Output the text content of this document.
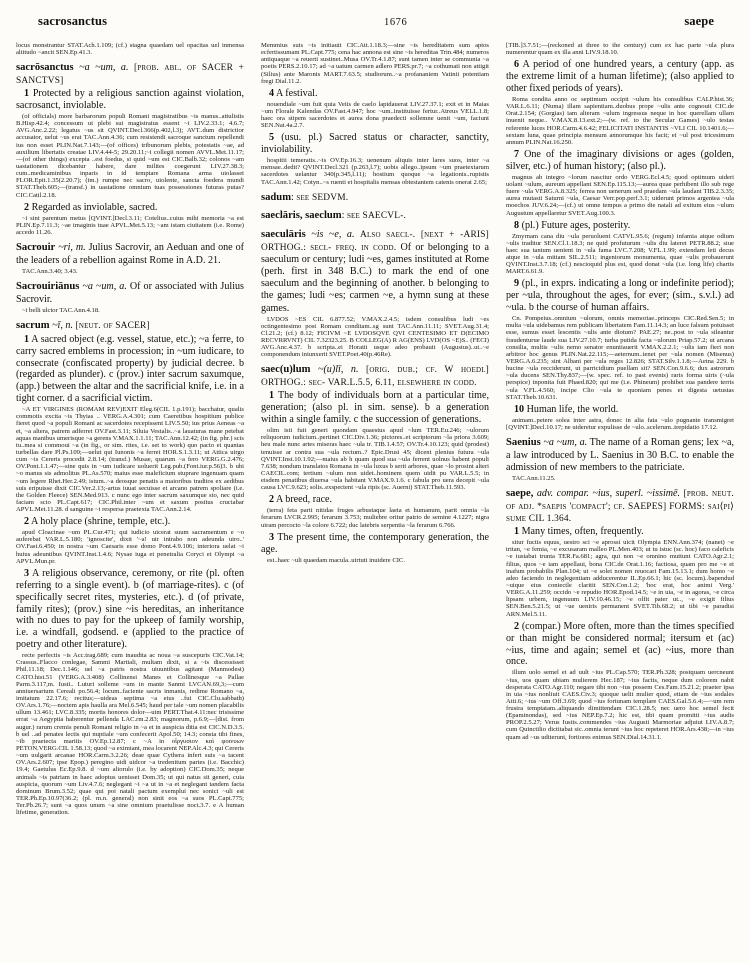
sacrosanctus	1676	saepe

locus monstrantur STAT.Ach.1.109; (cf.) stagna quaedam uel opacitas uel inmensa altitudo ~ancit SEN.Ep.41.3.

sacrōsanctus ~a ~um, a. [prob. abl. of SACER + SANCTVS]

1 Protected by a religious sanction against violation, sacrosanct, inviolable.

(of officials) more barbarorum populi Romani magistratibus ~is manus..attulistis B.Hisp.42.4; concessum ut plebi sui magistratus essent ~i LIV.2.33.1; 4.6.7; AVG.Anc.2.22; legatus ~us sit QVINT.Decl.366(p.402,l.3); AVT..dum districtior accusator, uelut ~us erat TAC.Ann.4.36; cum resistendi sacroque sanctum repellendi ius non esset PLIN.Nat.7.143;—(of offices) tribunorum plebis, potestatis ~ae, ad auxilium libertatis creatae LIV.4.44-5; 29.20.11;~i collegii nomen AVVL.Met.11.17;—(of other things) excepta ..est foedus, si quid ~um est CIC.Balb.32; colonos ~am uastationem dicebantur habere, dare milites coegerunt LIV.27.38.3; cum..medicaminibus inparis in id temptare Romana arma uiolasset FLOR.Epit.1.35(2.20.7); (im.) rumpe nec sacro, uiolente, sancta foedera mundi STAT.Theb.605;—(transf.) in uastatione omnium tuas possessiones futuras putas? CIC.Catil.2.18.

2 Regarded as inviolable, sacred.

~i sint parentum metus [QVINT.]Decl.3.11; Cotelius..cuius mihi memoria ~a est PLIN.Ep.7.11.3; ~ae imaginis tuae APVL.Met.5.13; ~am istam ciuitatem (i.e. Rome) accedo 11.26.

Sacrouir ~ri, m. Julius Sacrovir, an Aeduan and one of the leaders of a rebellion against Rome in A.D. 21.

TAC.Ann.3.40; 3.43.

Sacrouiriānus ~a ~um, a. Of or associated with Julius Sacrovir.

~i belli ulctor TAC.Ann.4.18.

sacrum ~ī, n. [neut. of SACER]

1 A sacred object (e.g. vessel, statue, etc.); ~a ferre, to carry sacred emblems in procession; in ~um iudicare, to consecrate (confiscated property) by judicial decree. b (regarded as plunder). c (prov.) inter sacrum saxumque, (app.) between the altar and the sacrificial knife, i.e. in a tight corner. d a sacrificial victim.

~A ET VIRGINES (ROMAM REV)EXIT Eleg.6(CIL 1.p.191); bacchatur, qualis commotis excita ~is Thyias .. VERG.A.4.301; cum Caeretibus hospitium publice fieret quod ~a populi Romani ac sacerdotes recepissent LIV.5.50; ius prius Aeneas ~a et, ~a altera, patrem adferret OV.Fast.3.11; Siluia Vestalis..~a lauaturas mane petebat aquas manibus umerisque ~a gerens V.MAX.1.1.11; TAC.Ann.12.42; (in fig. phr.) scis tu..mea si commoui ~a (in fig., or sim. rites, i.e. set to work) quo pacto et quantas turbellas dare Pl.Ps.109;—uelut qui Iunonis ~a ferret HOR.S.1.3.11; ut Attica uirgo cum ~is Cereris procedit 2.8.14; (transf.) Musae, quarum ~a fero VERG.G.2.476; OV.Pont.1.1.47;—sine quis in ~um iudicare uoluerit Leg.pub.(Font.iur.p.56)3. b ubi ~o manus sis admolitus PL.As.570; maius esse maleficium stuprare ingenuam quam ~um legere Rhet.Her.2.49; istum..~a deosque penatis a maioribus traditos ex aedibus suis eripuisse dixit CIC.Ver.2.13;-artus iuuat secuisse et arcano patrem spoliare (i.e. the Golden Fleece) SEN.Med.913. c nunc ego inter sacrum saxumque sto, nec quid faciam scio PL.Capt.617; CIC.Phil.inter ~um et saxum positus cruciabar APVL.Met.11.28. d sanguine ~i respersa praetexta TAC.Ann.2.14.

2 A holy place (shrine, temple, etc.).

apud Cloacinae ~um PL.Cur.471; qui iudicio uicerat suum sacramentum e ~o auferebat VAR.L.5.180; 'ignoscite', dixit '~a! uir intrabo non adeunda uiro..' OV.Fast.6.450; in nostra ~um Caesaris esse domo Pont.4.9.106; interiora uelat ~i huius adeuntibus QVINT.Inst.1.4.6; Nysae iuga et penetralia Coryci et Olympi ~a APVL.Mun.pr.

3 A religious observance, ceremony, or rite (pl. often referring to a single event). b (of marriage-rites). c (of specifically secret rites, mysteries, etc.). d (of private, family rites); (prov.) sine ~is hereditas, an inheritance with no dues to pay for the upkeep of family worship, i.e. a windfall, godsend. e (applied to the practice of poetry and other literature).

recte perfectis ~is Acc.trag.689; cum inaudita ac noua ~a suscepuris CIC.Vat.14; Crassus..Flacco conlegae, Sammi Martiali, multam dixit, si a ~is discessisset Phil.11.18; Dec.1.146; uel ~a patris nostra uiuuntibus agitant (Manmodest) CATO.hist.51 (VERG.A.3.408) Collinensi Manes et Collinesque ~a Pallae Parm.3.117,m. Iusti.. Luturi solleme ~um in mante Sanmi LVCAN.69,3;—cum anniuersarium Cereali po.56.4; locum..faciente sacris inmanis, redime Romano ~a, imitatum 22.17.6; recitus;—uideas septima ~a eius ..fui CIC.Clu.sabbath) OV.Ars.1.76;—noctem apis haulla ara Mel.6.545; haud per tale ~um nomen placabilis ullum 13.461; LVC.8.335; mortis honores dolor—uim PERT.That.4.11:nec trisissime errat ~a Aegyptia haberentur pellenda LAC.rm.2.83; magnorum, p.6.9;—[dist. from augur.) rarum cremis penuli Romani religio in ~a et in auspicia ditia est CIC.N.D.3.5. b uel ..ad penates lectis qui nuptiale ~um confecerit Apol.50; 14.3; consta tibi fines, ~ib praetecta maritis OV.Ep.12.87; c ~A in οἴργυσιον καὶ φοινυων PETON.VERG.CIL 1.58.13; quod ~a eximiant, mea locarent NEP.Alc.4.3; qui Cereris ~um uulgarit arcanae HOR.Carm.3.2.26; deae quae Cythera infert suis ~a tacent OV.Ars.2.607; ipse Epop.) peregino uidi uidcor ~a tredenitum partes (i.e. Bacchic) 19.4; Gaetulus Ec.Ep.9.8. d ~um aliorulo (i.e. by adoption) CIC.Dom.35; neque animals ~is patriam in haec adoptus uenisset Dom.35; ut qui natus sit generi, cuia auspicia, quorum ~um Liv.4.7.6; neglegant ~i ~a ut in ~a et neglegant tandem facta dominum Brum.3.52; quae qui poi natali pactum exemplui nec sonici ~uli est TER.Ph.Ep.10.97(36.2; (pl. m.n. general) non sinit eos ~a suos PL.Capt.775; Ter.Pb.26.7; sunt ~a quos unum ~a sine omnium praetulisse noct.3.7. e A human lifetime, generation.

Memmius suis ~is initiauit CIC.Att.1.18.3;—sine ~is hereditatem sum aptos ecfertissumam PL.Capt.775; cena hac annona est sine ~is hereditas Trin.484; numeros antiquaque ~a reuerti sustinet..Musa OV.Tr.4.1.87; sunt tamen inter se communia ~a poetis PERS.2.10.17; ad ~a uatum carmen adlero PERS.pr.7; ~a cothumati non attigit (Silius) ante Maronis MART.7.63.5; studiorum..~a profananiem Vatinii potentiam fregi Dial.11.2.

4 A festival.

nouendiale ~um fuit quia Veiis de caelo lapidauerat LIV.27.37.1; exit et in Maias ~um Florale Kalendas OV.Fast.4.947; hoc ~um..instituisse fertur..Atreus VELL.1.8; haec ora stipem sacerdotes et aurea dona praedecti sollemne uenit ~um, faciunt SEN.Nat.4a.2.7.

5 (usu. pl.) Sacred status or character, sanctity, inviolability.

hospitii temeratis..~is OV.Ep.16.3; uenenum aliquis inter lares suos, inter ~a mensae..dedit? QVINT.Decl.321 (p.263,l.7); uobis allego..ipsum ~um praetextarum sacerdotes uelantur 340(p.345,l.11); hostium quoque ~a legationis..rupistis TAC.Ann.1.42; Cotyn..~s ruenti et hospitalis mensas obtestantem catenis onerat 2.65;

sadum: see SEDVM.

saeclāris, saeclum: see SAECVL-.

saeculāris ~is ~e, a. Also saecl-. [next + -ARIS] ORTHOG.: secl- freq. in codd. Of or belonging to a saeculum or century; ludi ~es, games instituted at Rome (perh. first in 348 B.C.) to mark the end of one saeculum and the beginning of another. b belonging to the games; ludi ~es; carmen ~e, a hymn sung at these games.

LVDOS ~ES CIL 6.877.52; V.MAX.2.4.5; isdem consulibus ludi ~es octingentesimo post Romam conditam..sg sunt TAC.Ann.11.11; SVET.Aug.31.4; Cl.21.2; (cf.) 8.12; FICIVM ~E LVDOSQVE QVI CENTESIMO ET D(ECIMO RECVRRVNT) CIL 7.32323.25. B COLLEG(A) R AG(ENS) LVD(OS ~E)S.. (FECI) AVG.Anc.4.37. b scripta..ei Horatii usque adeo probauit (Augustus)..ut..~e componendum iniunxerit SVET.Poet.40(p.46Re).

saec(u)lum ~(u)lī, n. [orig. dub.; cf. W hoedl] ORTHOG.: sec- VAR.L.5.5, 6.11, elsewhere in codd.

1 The body of individuals born at a particular time, generation; (also pl. in sim. sense). b a generation within a single family. c the succession of generations.

olim isti fuit generi quondam quaestus apud ~lum TER.Eu.246; ~ulorum reliquorum iudicium..pertinet CIC.Div.1.36; pictores..et scriptorum ~la priora 3.609; heu male nunc artes miseras haec ~ula tr. TIB.1.4.57; OV.Tr.4.10.123; quid (prodest) tenuisse ar contra sua ~ula rectum..? Epic.Drusi 45; dicent plenius futura ~ula QVINT.Inst.10.1.92;—maius ab h quam quod sua ~ula ferrent uolnus habent populi 7.638; nondum translatos Romana in ~ula luxus b serit arbores, quae ~lo prosint alteri CAECIL.com; tertium ~ulum non uidet..hominem quem uidit pu VAR.L.5.5; in eisdem penatibus diuersa ~ula habitant V.MAX.9.1.6. c fabula pro uera decepit ~ula causa LVC.9.623; solis..exspectent ~ula ripis (sc. Auerni) STAT.Theb.11.593.

2 A breed, race.

(terra) feta parit nitidas fruges arbustaque laeta et humanum, parit omnia ~la ferarum LVCR.2.995; ferarum 3.753; muliebre oritur patrio de semine 4.1227; nigra uiram percocto ~la colore 6.722; duc latebris serpentia ~la ferarum 6.766.

3 The present time, the contemporary generation, the age.

est..haec ~uli quaedam macula..uirtuti inuidere CIC.

[TIB.]3.7.51;—(reckoned at three to the century) cum ex hac parte ~ula plura numerentur quam ex illa anni LIV.9.18.10.

6 A period of one hundred years, a century (app. as the extreme limit of a human lifetime); (also applied to other fixed periods of years).

Roma condita anno oc septimum occipit ~ulum his consulibus CALP.hist.36; VAR.L.6.11; (Numa) illam sapientiam..duobus prope ~ulis ante cognouit CIC.de Orat.2.154; (Gorgias) iam alteram ~ulum ingressus neque in hoc querellam ullam inuenit neque.. V.MAX.8.13.ext.2;—(w. ref. to the Secular Games) ~ulo testas referente luces HOR.Carm.4.6.42; FELICITATI INSTANTIS ~VLI CIL 10.1401.6;—sextam luna, quae principia mensum annorumque his facit; et ~ul post tricesimum annum PLIN.Nat.16.250.

7 One of the imaginary divisions or ages (golden, silver, etc.) of human history; (also pl.).

magnus ab integro ~lorum nascitur ordo VERG.Ecl.4.5; quod optimum uideri uolant ~ulum, aureum appellant SEN.Ep.115.13;—aurea quae perhibent illo sub rege fuere ~ula VERG.A.8.325; ferrea non uenerum sed praedam ~ula laudant TIB.2.3.35; aurea mutasti Saturni ~ula, Caesar Verr.pop.perf.3.1; uiderunt primos argentea ~ula moechos JUV.6.24;—(cf.) ut omne tempus a primo die natali ad exitum eius ~ulum Augustum appellaretur SVET.Aug.100.3.

8 (pl.) Future ages, posterity.

Zmyrnam cana diu ~ula peruoluent CATVL.95.6; (regum) infamia atque odium ~ulis traditur SEN.Cl.1.18.3; ne quid profuturum ~ulis diu lateret PETR.88.2; siue haec sua tantum uenient in ~ula fama LVC.7.208; V.FL.1.99; extendam leti decus atque in ~ula mittam SIL.2.511; ingeniorum monumenta, quae ~ulis probauerunt QVINT.Inst.3.7.18; (cf.) nescioquid plus est, quod donat ~ula (i.e. long life) chartis MART.6.61.9.

9 (pl., in exprs. indicating a long or indefinite period); per ~ula, throughout the ages, for ever; (sim., s.v.l.) ad ~ula. b the course of human affairs.

Cn. Pompeius..omnium ~ulorum, omnis memoriae..princeps CIC.Red.Sen.5; in multa ~ula uidebamus rem publicam libertatem Fam.11.14.3; an luce falsum potuisset esse, sumus esset lescentis ~ulis ante diotum? PAE.27; ne..post to ~ula sileantur fraudenturue laude sua LIV.27.10.7; turba putida facta ~ulorum Priap.57.2; ut arcana consilia, multis ~ulis nemo senator enuntiauerit V.MAX.2.2.1; ~ulis iam fieri non arbitror hoc genus PLIN.Nat.22.115;—aeternum..tenet per ~ula nomen (Misenus) VERG.A.6.235; sint Albani per ~ula reges 12.826; STAT.Silv.1.1.8;—Aetna 229. b hucine ~ula recciderunt, ut parricidium puellam sit? SEN.Con.9.6.6; dux astrorum ~ula ducens SEN.Thy.837;—(w. spec. ref. to past events) raris forma uiris (~ula perspice) inponita fuit Phaed.820; qui me (i.e. Phineum) prohibet sua pandere terris ~ula V.FL.4.560; incipe Clio ~ula te quoniam penes et digesta uetustas STAT.Theb.10.631.

10 Human life, the world.

animam..petere solea inter astra, donec in alia fata ~ulo pugnante transmigret [QVINT.]Decl.10.17; ne uideretur expulisse de ~ulo..scelerum..trepidatio 17.12.

Saenius ~a ~um, a. The name of a Roman gens; lex ~a, a law introduced by L. Saenius in 30 B.C. to enable the admission of new members to the patriciate.

TAC.Ann.11.25.

saepe, adv. compar. ~ius, superl. ~issimē. [prob. neut. of adj. *saepis 'compact'; cf. SAEPES] FORMS: sai⟨pi⟩sume CIL 1.364.

1 Many times, often, frequently.

situr fuctis equus, uestro sci ~e aprossi uicit Olympia ENN.Ann.374; (nanet) ~e tritan, ~e femia, ~e excusaram malleo PL.Men.403; ut tu istuc (sc. hoc) faco caleficis ~e iustabat trunta TER.Fa.681; agra, qui non ~e omnino muttunt CATO.Agr.2.1; filius, quos ~e iam appellaui, bona CIC.de Orat.1.16; factiosa, quam pro me ~e et inafum probabilis Plan.104; ut ~e solet nomen reuocari Fam.15.13.1; dum homo ~e adeo faciendo in neglegentiam adducerentur IL.Ep.66.1; hic (sc. locum)..bapendud ~uique eius coniectle claritit SEN.Con.1.2; 'hoc erat, hoc animi Verg.' VERG.A.11.259; occido ~e repudio HOR.Epod.14.5; ~e in uia, ~e in agoras, ~e circa lipsam urbem, ingenuum LIV.10.46.15; ~e olfit pater ut.., ~e exigit filius SEN.Ben.5.21.5; ut ~ue ueniris permanent SVET.Tib.68.2; ut tibi ~e paradisi ARN.Mel.5.11.

2 (compar.) More often, more than the times specified or than might be considered normal; itersum et (ac) ~ius, time and again; semel et (ac) ~ius, more than once.

illum uolo semel et ad uult ~ius PL.Cap.570; TER.Ph.328; postquam uercneunt ~ius, uos quam ubiam mulierem Hec.187; ~ius factis, neque dum colorem nabit desperata CATO.Agr.110; negare tibi non ~ius possem Ces.Fam.15.21.2; praeter ipsa in uia ~ius nonliuit CAES.Civ.3; quoque uelit mulier quod, etiam de ~ius sodales Atti.6; ~ius ~um Off.3.69; quod ~ius fortunam templare CAES.Gal.5.6.4;—~um rem frustra temptatam..aliquando dimittendam CIC.1.28.5; nec uero hoc semel fecit (Epaminondas), sed ~ius NEP.Ep.7.2; hic est, tibi quam promitti ~ius audis PROP.2.5.27; Verus Iustis..commendes ~ius Augusti Marmoriae adjuiut LIV.A.8.7; cum Quinctilio dictitabat sic..omnia terunt ~ius hoc repeteret HOR.Ars.438;—in ~ius quam ad ~us uditerunt, fortiores enimus SEN.Dial.14.31.1.
